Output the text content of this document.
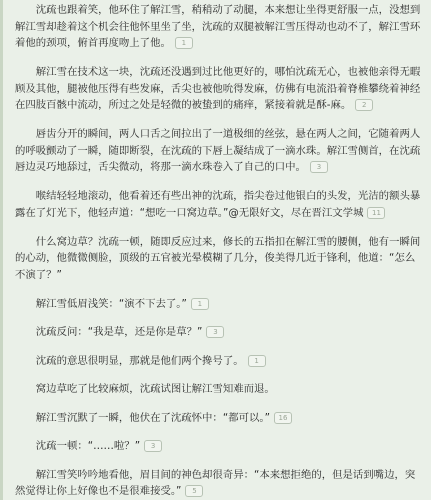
沈疏也跟着笑，他环住了解江雪，稍稍动了动腿，本来想让坐得更舒服一点，没想到解江雪却趁着这个机会往他怀里坐了坐，沈疏的双腿被解江雪压得动也动不了，解江雪环着他的颈项，俯首再度吻上了他。 1

解江雪在技术这一块，沈疏还没遇到过比他更好的，哪怕沈疏无心，也被他亲得无暇顾及其他，腿被他压得有些发麻，舌尖也被他吮得发麻，仿佛有电流沿着脊椎攀绕着神经在四肢百骸中流动，所过之处是轻微的被蛰到的痛痒，紧接着就是酥-麻。 2

唇齿分开的瞬间，两人口舌之间拉出了一道极细的丝弦，悬在两人之间，它随着两人的呼吸颤动了一瞬，随即断裂，在沈疏的下唇上凝结成了一滴水珠。解江雪侧首，在沈疏唇边灵巧地舔过，舌尖微动，将那一滴水珠卷入了自己的口中。 3

喉结轻轻地滚动，他看着还有些出神的沈疏，指尖卷过他银白的头发，光洁的额头暴露在了灯光下，他轻声道：“想吃一口窝边草。”@无限好文，尽在晋江文学城 11

什么窝边草？沈疏一顿，随即反应过来，修长的五指扣在解江雪的腰侧，他有一瞬间的心动，他微微侧脸，顶级的五官被光晕模糊了几分，俊美得几近于锋利，他道：“怎么不演了？”

解江雪低眉浅笑：“演不下去了。” 1

沈疏反问：“我是草，还是你是草？” 3

沈疏的意思很明显，那就是他们两个搀号了。 1

窝边草吃了比较麻烦，沈疏试图让解江雪知难而退。

解江雪沉默了一瞬，他伏在了沈疏怀中：“都可以。” 16

沈疏一顿：“……啦？” 3

解江雪笑吟吟地看他，眉目间的神色却很奇异：“本来想拒绝的，但是话到嘴边，突然觉得让你上好像也不是很难接受。” 5
